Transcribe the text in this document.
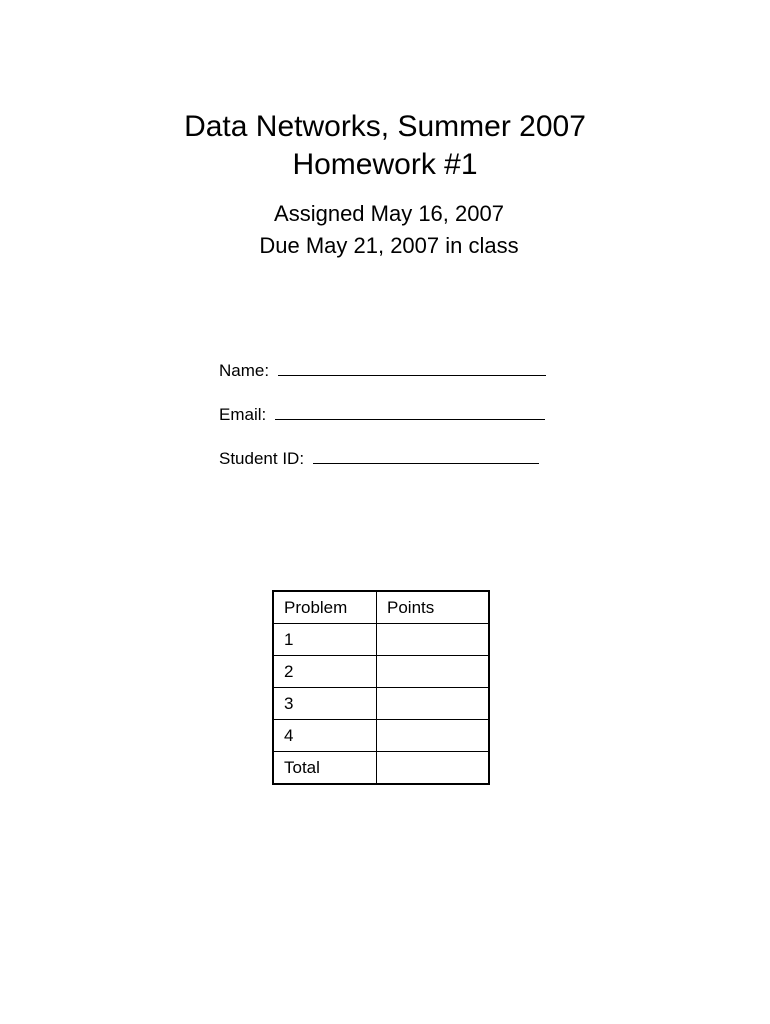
Data Networks, Summer 2007
Homework #1
Assigned May 16, 2007
Due May 21, 2007 in class
Name:
Email:
Student ID:
Problem	Points
1	
2	
3	
4	
Total	
